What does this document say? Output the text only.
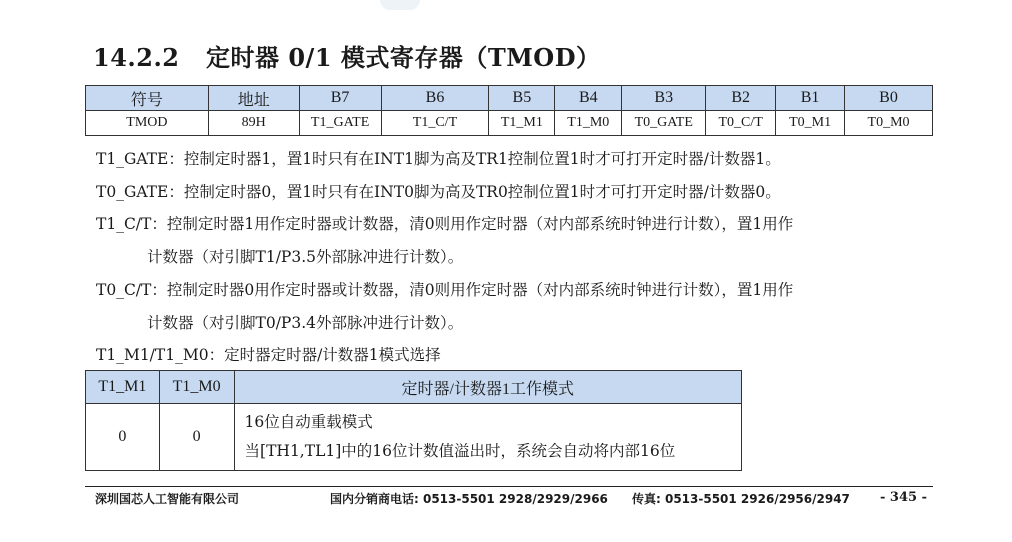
14.2.2 定时器 0/1 模式寄存器（TMOD）
符号	地址	B7	B6	B5	B4	B3	B2	B1	B0
TMOD	89H	T1_GATE	T1_C/T	T1_M1	T1_M0	T0_GATE	T0_C/T	T0_M1	T0_M0
T1_GATE：控制定时器1，置1时只有在INT1脚为高及TR1控制位置1时才可打开定时器/计数器1。
T0_GATE：控制定时器0，置1时只有在INT0脚为高及TR0控制位置1时才可打开定时器/计数器0。
T1_C/T：控制定时器1用作定时器或计数器，清0则用作定时器（对内部系统时钟进行计数），置1用作
计数器（对引脚T1/P3.5外部脉冲进行计数）。
T0_C/T：控制定时器0用作定时器或计数器，清0则用作定时器（对内部系统时钟进行计数），置1用作
计数器（对引脚T0/P3.4外部脉冲进行计数）。
T1_M1/T1_M0：定时器定时器/计数器1模式选择
T1_M1	T1_M0	定时器/计数器1工作模式
0	0	16位自动重载模式
当[TH1,TL1]中的16位计数值溢出时，系统会自动将内部16位
深圳国芯人工智能有限公司	国内分销商电话: 0513-5501 2928/2929/2966 传真: 0513-5501 2926/2956/2947 - 345 -
